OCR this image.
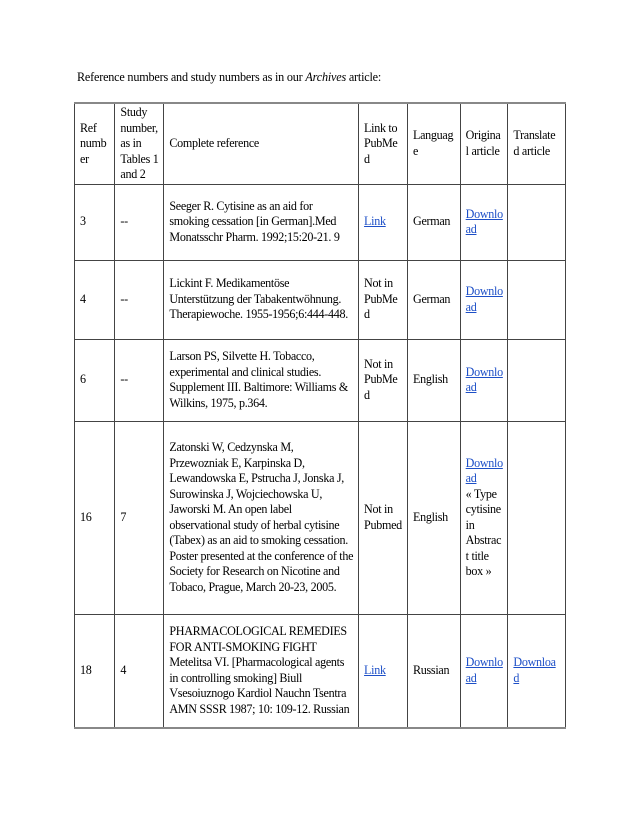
Reference numbers and study numbers as in our Archives article:
Ref number	Study number, as in Tables 1 and 2	Complete reference	Link to PubMed	Language	Original article	Translated article
3	--	Seeger R. Cytisine as an aid for smoking cessation [in German].Med Monatsschr Pharm. 1992;15:20-21. 9	Link	German	Download	
4	--	Lickint F. Medikamentöse Unterstützung der Tabakentwöhnung. Therapiewoche. 1955-1956;6:444-448.	Not in PubMed	German	Download	
6	--	Larson PS, Silvette H. Tobacco, experimental and clinical studies. Supplement III. Baltimore: Williams & Wilkins, 1975, p.364.	Not in PubMed	English	Download	
16	7	Zatonski W, Cedzynska M, Przewozniak E, Karpinska D, Lewandowska E, Pstrucha J, Jonska J, Surowinska J, Wojciechowska U, Jaworski M. An open label observational study of herbal cytisine (Tabex) as an aid to smoking cessation. Poster presented at the conference of the Society for Research on Nicotine and Tobaco, Prague, March 20-23, 2005.	Not in Pubmed	English	Download
« Type cytisine in Abstract title box »	

18	4	PHARMACOLOGICAL REMEDIES FOR ANTI-SMOKING FIGHT Metelitsa VI. [Pharmacological agents in controlling smoking] Biull Vsesoiuznogo Kardiol Nauchn Tsentra AMN SSSR 1987; 10: 109-12. Russian	Link	Russian	Download	Download
